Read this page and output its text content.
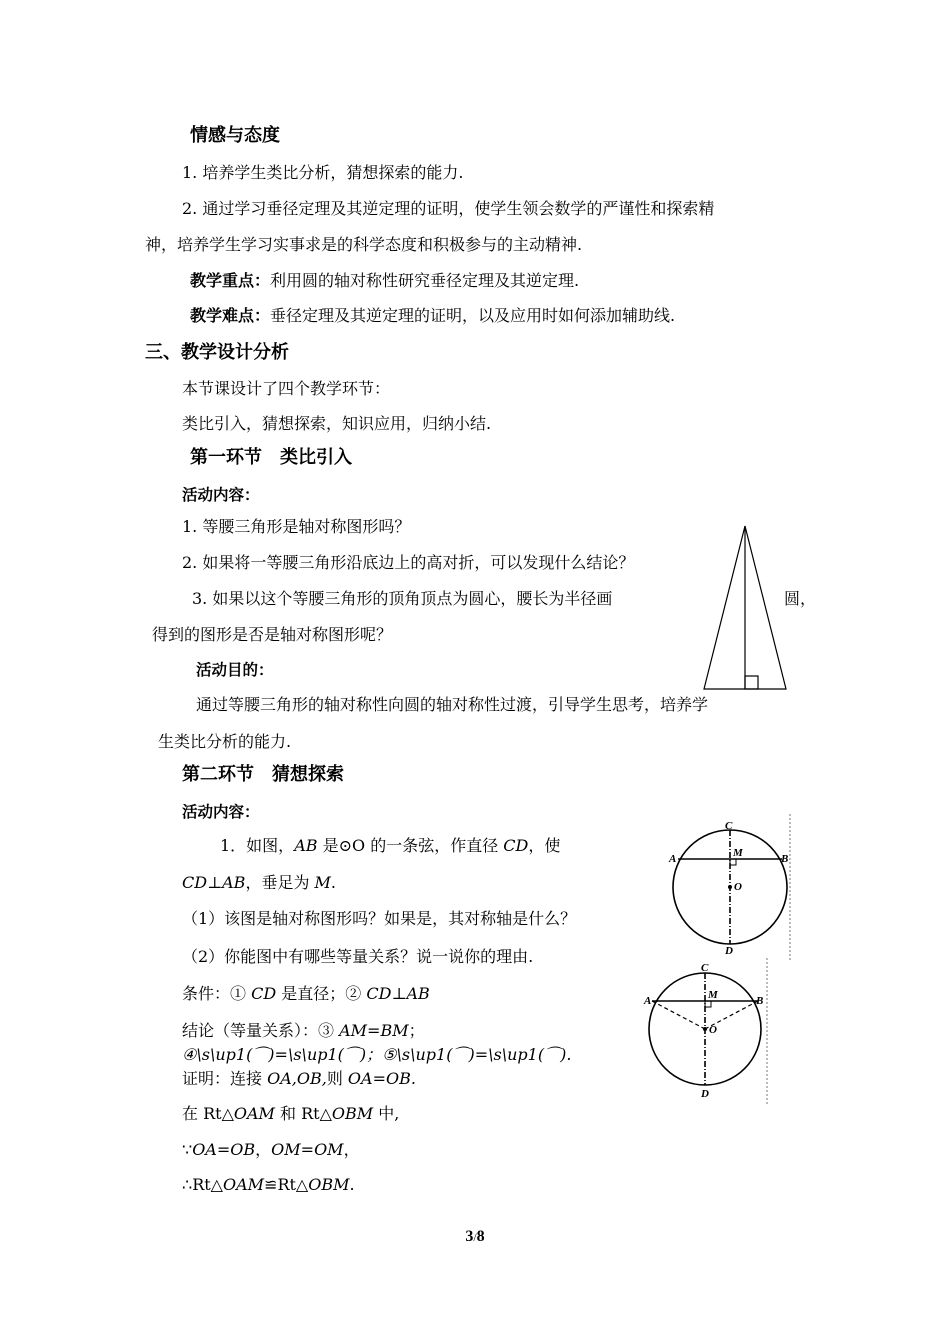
情感与态度
1. 培养学生类比分析，猜想探索的能力.
2. 通过学习垂径定理及其逆定理的证明，使学生领会数学的严谨性和探索精
神，培养学生学习实事求是的科学态度和积极参与的主动精神.
教学重点：利用圆的轴对称性研究垂径定理及其逆定理.
教学难点：垂径定理及其逆定理的证明，以及应用时如何添加辅助线.
三、教学设计分析
本节课设计了四个教学环节：
类比引入，猜想探索，知识应用，归纳小结.
第一环节　类比引入
活动内容：
1. 等腰三角形是轴对称图形吗？
2. 如果将一等腰三角形沿底边上的高对折，可以发现什么结论？
3. 如果以这个等腰三角形的顶角顶点为圆心，腰长为半径画	圆，
得到的图形是否是轴对称图形呢？
活动目的：
通过等腰三角形的轴对称性向圆的轴对称性过渡，引导学生思考，培养学
生类比分析的能力.
第二环节　猜想探索
活动内容：
1．如图，AB 是⊙O 的一条弦，作直径 CD，使
CD⊥AB，垂足为 M.
（1）该图是轴对称图形吗？如果是，其对称轴是什么？
（2）你能图中有哪些等量关系？说一说你的理由.
条件：① CD 是直径；② CD⊥AB
结论（等量关系）：③ AM=BM；
④\s\up1(⌒)=\s\up1(⌒)；⑤\s\up1(⌒)=\s\up1(⌒).
证明：连接 OA,OB,则 OA=OB.
在 Rt△OAM 和 Rt△OBM 中,
∵OA=OB，OM=OM，
∴Rt△OAM≌Rt△OBM.
C
A	B
M
O
D
C
A	B
M
O
D
3/8
